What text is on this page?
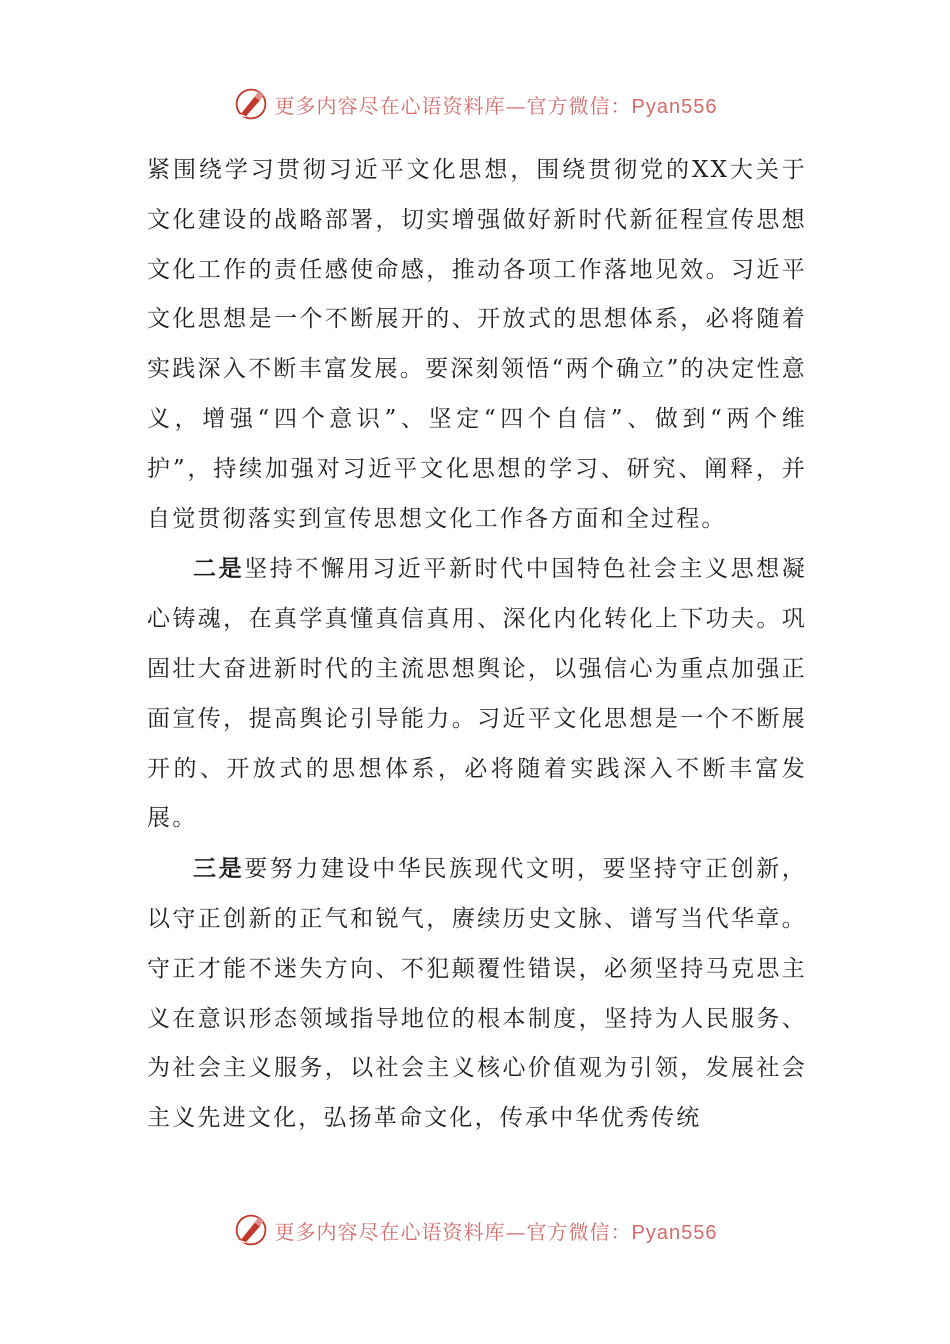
更多内容尽在心语资料库—官方微信：Pyan556

紧围绕学习贯彻习近平文化思想，围绕贯彻党的XX大关于文化建设的战略部署，切实增强做好新时代新征程宣传思想文化工作的责任感使命感，推动各项工作落地见效。习近平文化思想是一个不断展开的、开放式的思想体系，必将随着实践深入不断丰富发展。要深刻领悟“两个确立”的决定性意义，增强“四个意识”、坚定“四个自信”、做到“两个维护”，持续加强对习近平文化思想的学习、研究、阐释，并自觉贯彻落实到宣传思想文化工作各方面和全过程。

二是坚持不懈用习近平新时代中国特色社会主义思想凝心铸魂，在真学真懂真信真用、深化内化转化上下功夫。巩固壮大奋进新时代的主流思想舆论，以强信心为重点加强正面宣传，提高舆论引导能力。习近平文化思想是一个不断展开的、开放式的思想体系，必将随着实践深入不断丰富发展。

三是要努力建设中华民族现代文明，要坚持守正创新，以守正创新的正气和锐气，赓续历史文脉、谱写当代华章。守正才能不迷失方向、不犯颠覆性错误，必须坚持马克思主义在意识形态领域指导地位的根本制度，坚持为人民服务、为社会主义服务，以社会主义核心价值观为引领，发展社会主义先进文化，弘扬革命文化，传承中华优秀传统

更多内容尽在心语资料库—官方微信：Pyan556
